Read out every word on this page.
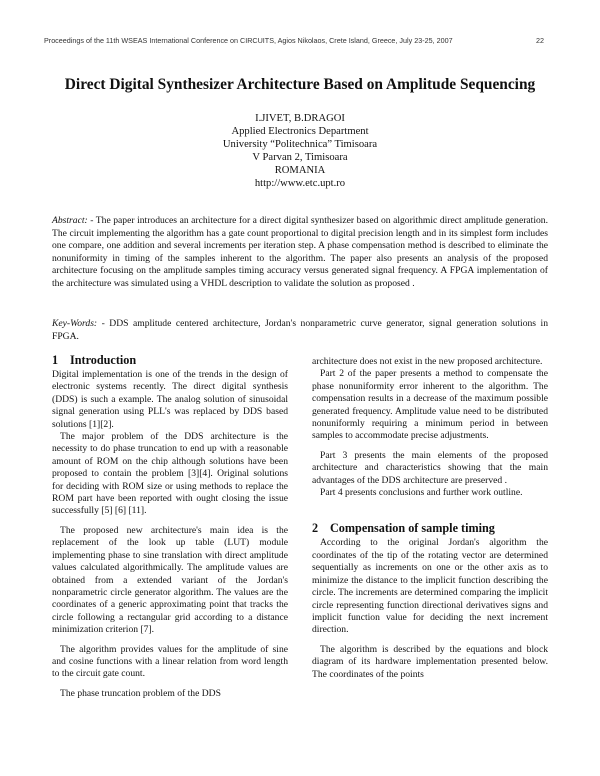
Proceedings of the 11th WSEAS International Conference on CIRCUITS, Agios Nikolaos, Crete Island, Greece, July 23-25, 2007	22
Direct Digital Synthesizer Architecture Based on Amplitude Sequencing
I.JIVET, B.DRAGOI
Applied Electronics Department
University “Politechnica” Timisoara
V Parvan 2, Timisoara
ROMANIA
http://www.etc.upt.ro
Abstract: - The paper introduces an architecture for a direct digital synthesizer based on algorithmic direct amplitude generation. The circuit implementing the algorithm has a gate count proportional to digital precision length and in its simplest form includes one compare, one addition and several increments per iteration step. A phase compensation method is described to eliminate the nonuniformity in timing of the samples inherent to the algorithm. The paper also presents an analysis of the proposed architecture focusing on the amplitude samples timing accuracy versus generated signal frequency. A FPGA implementation of the architecture was simulated using a VHDL description to validate the solution as proposed .
Key-Words: - DDS amplitude centered architecture, Jordan's nonparametric curve generator, signal generation solutions in FPGA.
1 Introduction

Digital implementation is one of the trends in the design of electronic systems recently. The direct digital synthesis (DDS) is such a example. The analog solution of sinusoidal signal generation using PLL's was replaced by DDS based solutions [1][2].

The major problem of the DDS architecture is the necessity to do phase truncation to end up with a reasonable amount of ROM on the chip although solutions have been proposed to contain the problem [3][4]. Original solutions for deciding with ROM size or using methods to replace the ROM part have been reported with ought closing the issue successfully [5] [6] [11].

The proposed new architecture's main idea is the replacement of the look up table (LUT) module implementing phase to sine translation with direct amplitude values calculated algorithmically. The amplitude values are obtained from a extended variant of the Jordan's nonparametric circle generator algorithm. The values are the coordinates of a generic approximating point that tracks the circle following a rectangular grid according to a distance minimization criterion [7].

The algorithm provides values for the amplitude of sine and cosine functions with a linear relation from word length to the circuit gate count.

The phase truncation problem of the DDS

architecture does not exist in the new proposed architecture.

Part 2 of the paper presents a method to compensate the phase nonuniformity error inherent to the algorithm. The compensation results in a decrease of the maximum possible generated frequency. Amplitude value need to be distributed nonuniformly requiring a minimum period in between samples to accommodate precise adjustments.

Part 3 presents the main elements of the proposed architecture and characteristics showing that the main advantages of the DDS architecture are preserved .

Part 4 presents conclusions and further work outline.

2 Compensation of sample timing

According to the original Jordan's algorithm the coordinates of the tip of the rotating vector are determined sequentially as increments on one or the other axis as to minimize the distance to the implicit function describing the circle. The increments are determined comparing the implicit circle representing function directional derivatives signs and implicit function value for deciding the next increment direction.

The algorithm is described by the equations and block diagram of its hardware implementation presented below. The coordinates of the points
